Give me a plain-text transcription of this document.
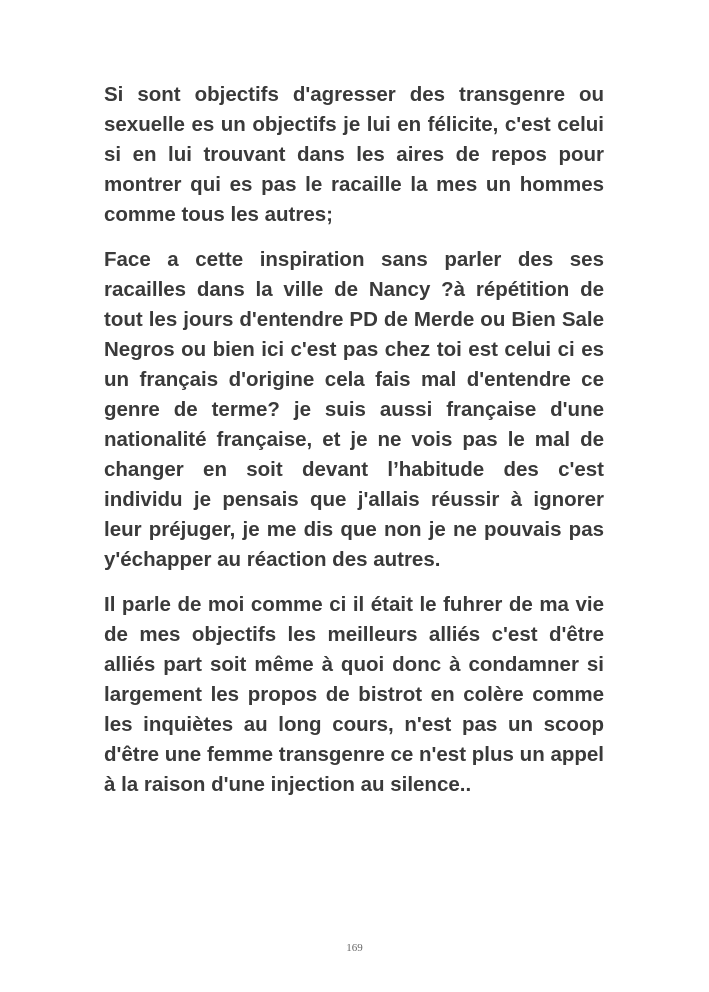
Si sont objectifs d'agresser des transgenre ou sexuelle es un objectifs je lui en félicite, c'est celui si en lui trouvant dans les aires de repos pour montrer qui es pas le racaille la mes un hommes comme tous les autres;

Face a cette inspiration sans parler des ses racailles dans la ville de Nancy ?à répétition de tout les jours d'entendre PD de Merde ou Bien Sale Negros ou bien ici c'est pas chez toi est celui ci es un français d'origine cela fais mal d'entendre ce genre de terme? je suis aussi française d'une nationalité française, et je ne vois pas le mal de changer en soit devant l’habitude des c'est individu je pensais que j'allais réussir à ignorer leur préjuger, je me dis que non je ne pouvais pas y'échapper au réaction des autres.

Il parle de moi comme ci il était le fuhrer de ma vie de mes objectifs les meilleurs alliés c'est d'être alliés part soit même à quoi donc à condamner si largement les propos de bistrot en colère comme les inquiètes au long cours, n'est pas un scoop d'être une femme transgenre ce n'est plus un appel à la raison d'une injection au silence..

169
